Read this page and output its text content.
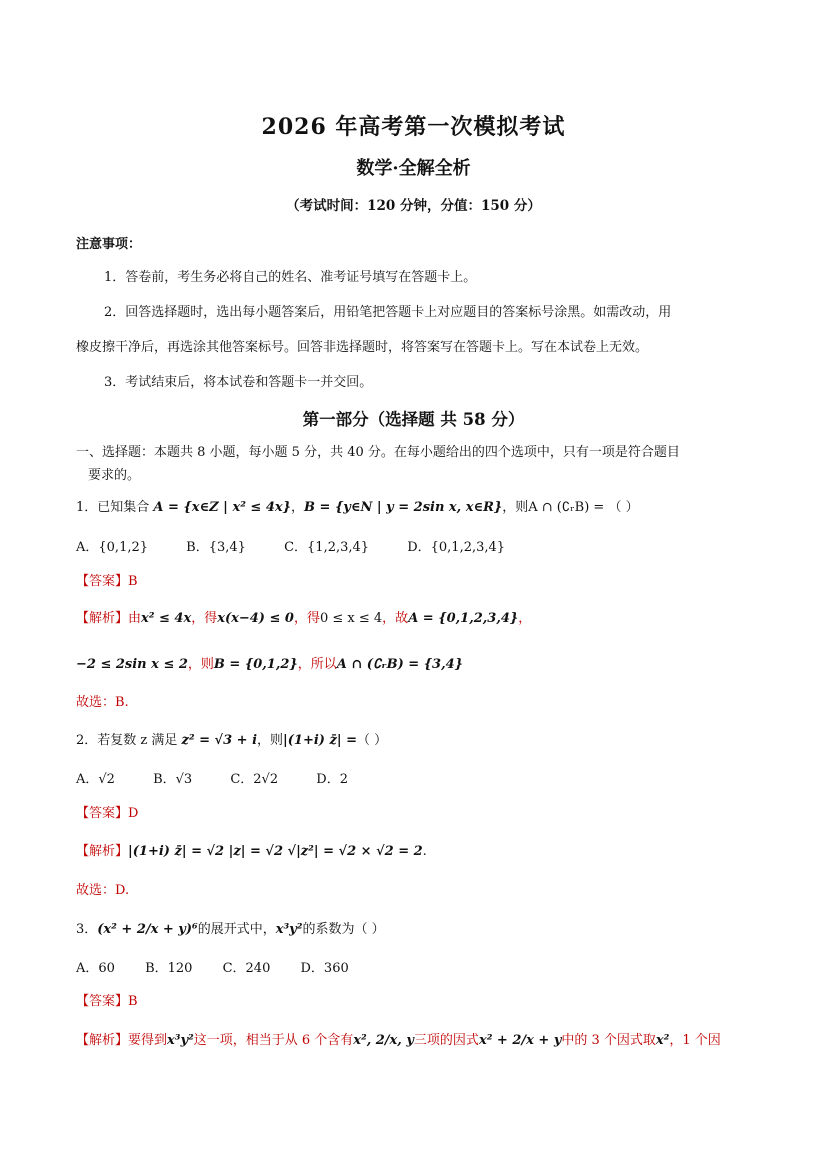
2026 年高考第一次模拟考试
数学·全解全析
（考试时间：120 分钟，分值：150 分）
注意事项：
1．答卷前，考生务必将自己的姓名、准考证号填写在答题卡上。
2．回答选择题时，选出每小题答案后，用铅笔把答题卡上对应题目的答案标号涂黑。如需改动，用
橡皮擦干净后，再选涂其他答案标号。回答非选择题时，将答案写在答题卡上。写在本试卷上无效。
3．考试结束后，将本试卷和答题卡一并交回。
第一部分（选择题 共 58 分）
一、选择题：本题共 8 小题，每小题 5 分，共 40 分。在每小题给出的四个选项中，只有一项是符合题目
要求的。
1．已知集合 A = {x∈Z | x² ≤ 4x}，B = {y∈N | y = 2sin x, x∈R}，则A ∩ (∁ᵣB) = （ ）
A．{0,1,2}	B．{3,4}	C．{1,2,3,4}	D．{0,1,2,3,4}
【答案】B
【解析】由x² ≤ 4x，得x(x−4) ≤ 0，得0 ≤ x ≤ 4，故A = {0,1,2,3,4}，
−2 ≤ 2sin x ≤ 2，则B = {0,1,2}，所以A ∩ (∁ᵣB) = {3,4}
故选：B.
2．若复数 z 满足 z² = √3 + i，则|(1+i) z̄| =（ ）
A．√2	B．√3	C．2√2	D．2
【答案】D
【解析】|(1+i) z̄| = √2 |z| = √2 √|z²| = √2 × √2 = 2.
故选：D.
3．(x² + 2/x + y)⁶的展开式中，x³y²的系数为（ ）
A．60 B．120 C．240 D．360
【答案】B
【解析】要得到x³y²这一项，相当于从 6 个含有x², 2/x, y三项的因式x² + 2/x + y中的 3 个因式取x²，1 个因
